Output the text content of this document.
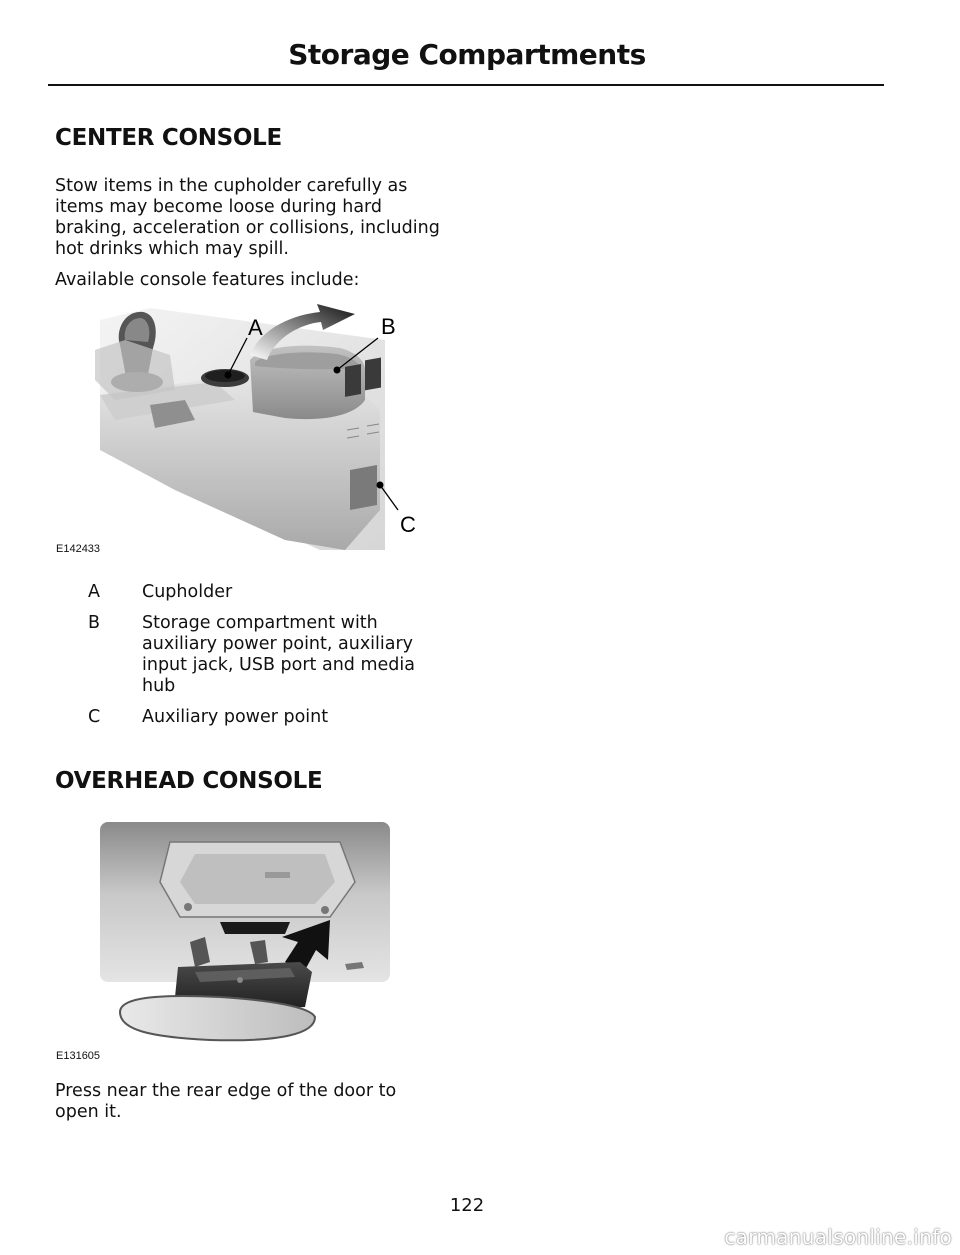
Storage Compartments
CENTER CONSOLE
Stow items in the cupholder carefully as items may become loose during hard braking, acceleration or collisions, including hot drinks which may spill.
Available console features include:
A	B
C
E142433
A	Cupholder
B	Storage compartment with auxiliary power point, auxiliary input jack, USB port and media hub
C	Auxiliary power point
OVERHEAD CONSOLE
E131605
Press near the rear edge of the door to open it.
122
carmanualsonline.info
